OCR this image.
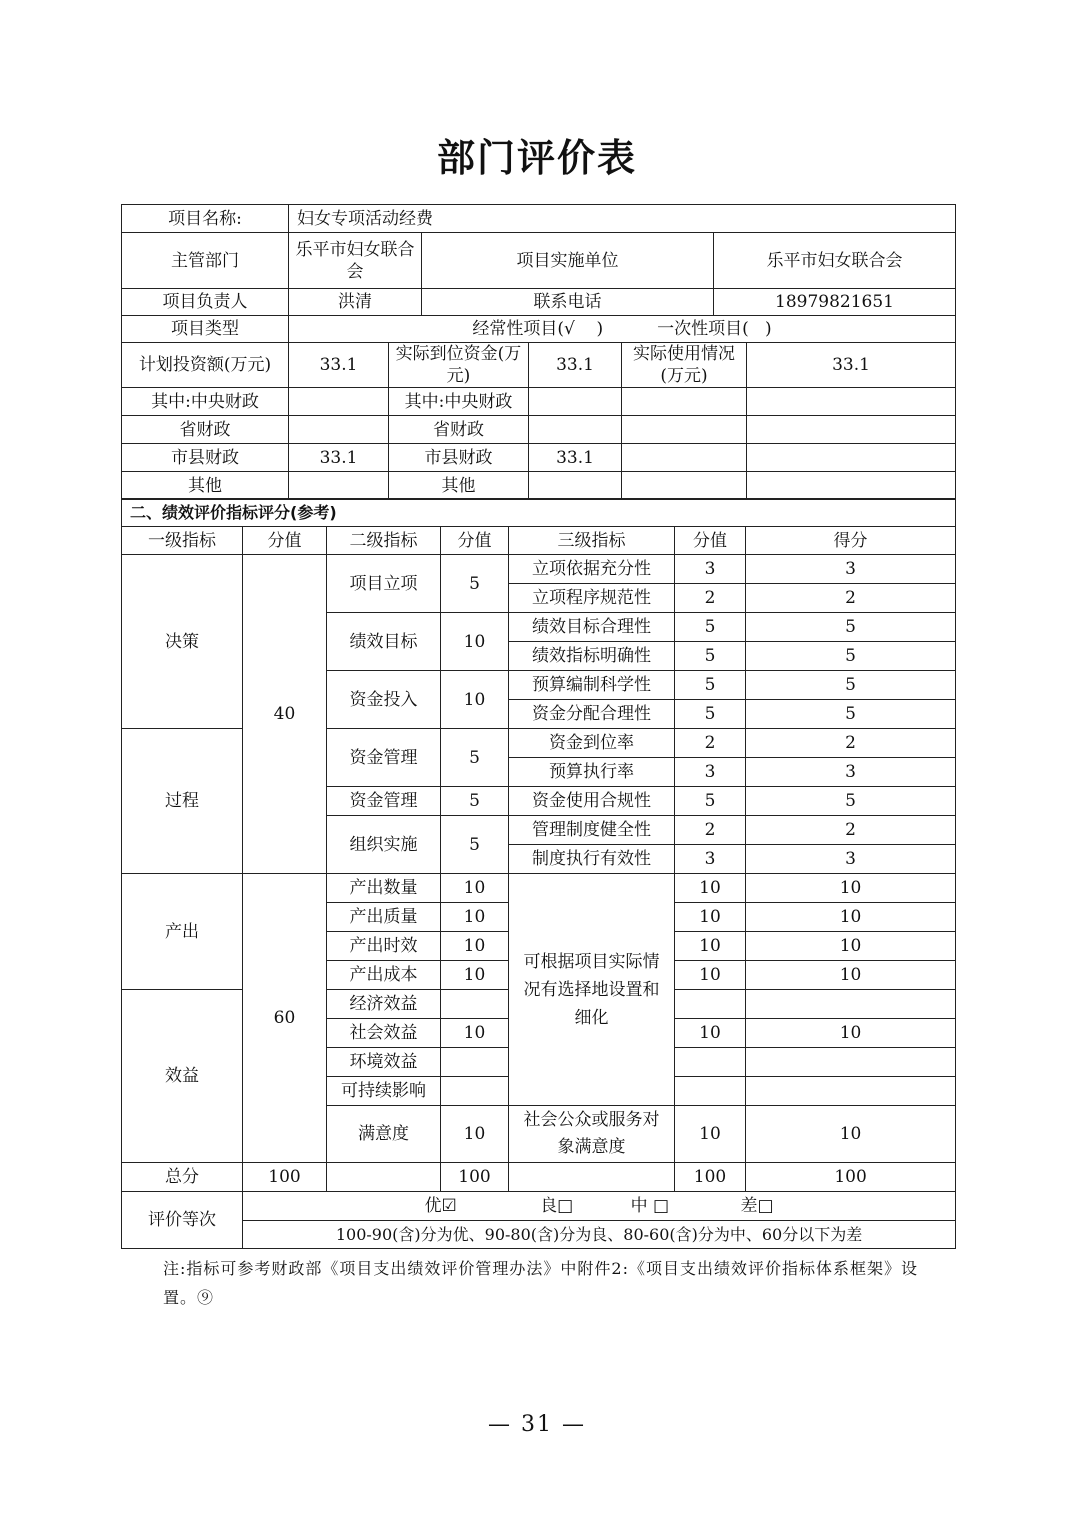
部门评价表
项目名称:	妇女专项活动经费		
主管部门	乐平市妇女联合会	项目实施单位	乐平市妇女联合会
项目负责人	洪清	联系电话	18979821651
项目类型	经常性项目(√    )          一次性项目(   )		
计划投资额(万元)	33.1	实际到位资金(万元)	33.1	实际使用情况(万元)	33.1
其中:中央财政		其中:中央财政			
省财政		省财政			
市县财政	33.1	市县财政	33.1		
其他		其他			
二、绩效评价指标评分(参考)						
一级指标	分值	二级指标	分值	三级指标	分值	得分
决策	40	项目立项	5	立项依据充分性	3	3
				立项程序规范性	2	2
		绩效目标	10	绩效目标合理性	5	5
				绩效指标明确性	5	5
		资金投入	10	预算编制科学性	5	5
				资金分配合理性	5	5
过程		资金管理	5	资金到位率	2	2
				预算执行率	3	3
		资金管理	5	资金使用合规性	5	5
		组织实施	5	管理制度健全性	2	2
				制度执行有效性	3	3
产出	60	产出数量	10	可根据项目实际情况有选择地设置和细化	10	10
		产出质量	10		10	10
		产出时效	10		10	10
		产出成本	10		10	10
效益		经济效益				
		社会效益	10		10	10
		环境效益				
		可持续影响				
		满意度	10	社会公众或服务对象满意度	10	10
总分	100		100		100	100
评价等次	优☑ 良□ 中 □ 差□					
	100-90(含)分为优、90-80(含)分为良、80-60(含)分为中、60分以下为差					
注:指标可参考财政部《项目支出绩效评价管理办法》中附件2:《项目支出绩效评价指标体系框架》设置。⑨
— 31 —
